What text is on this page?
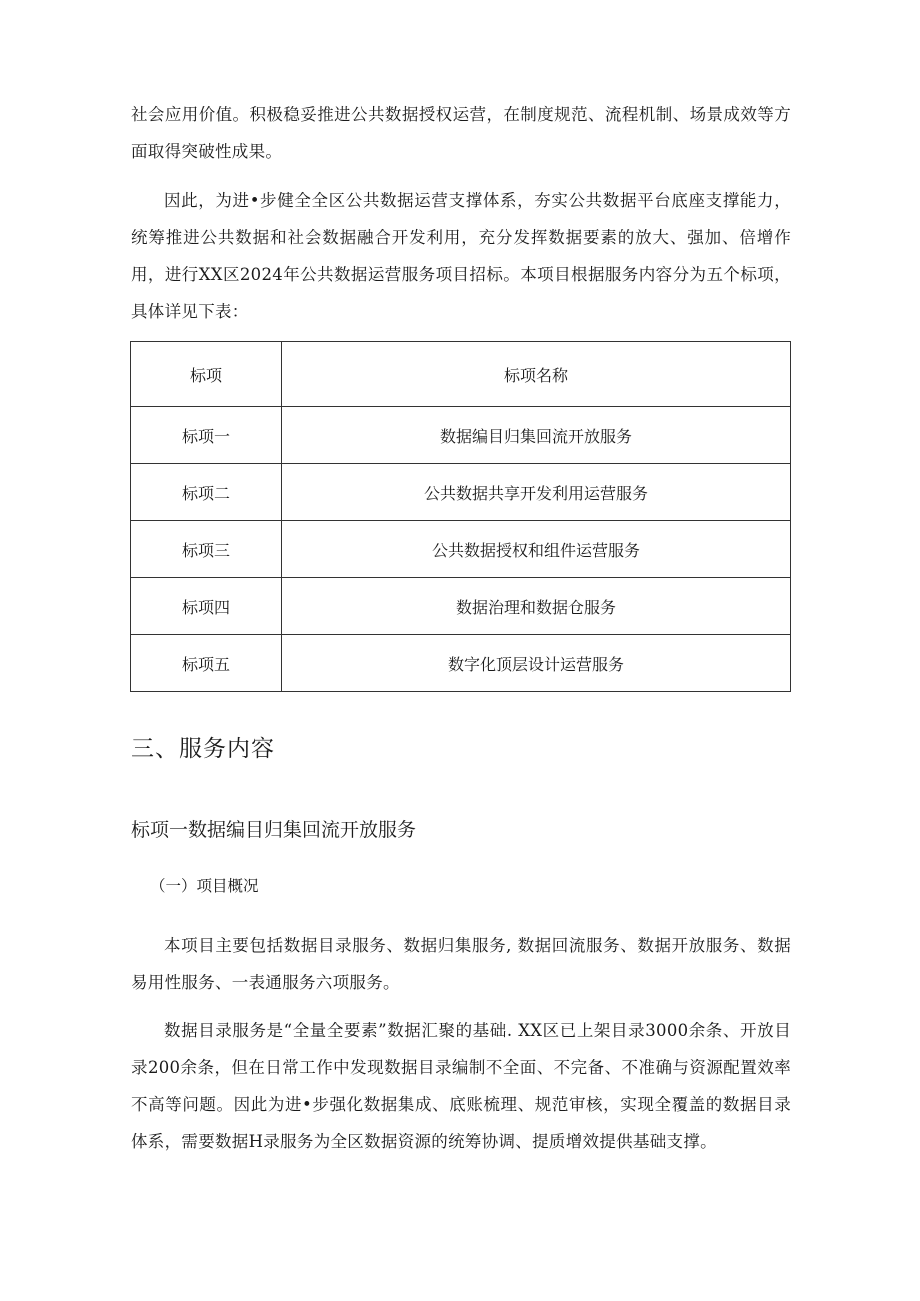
社会应用价值。积极稳妥推进公共数据授权运营，在制度规范、流程机制、场景成效等方面取得突破性成果。

因此，为进•步健全全区公共数据运营支撑体系，夯实公共数据平台底座支撑能力，统筹推进公共数据和社会数据融合开发利用，充分发挥数据要素的放大、强加、倍增作用，进行XX区2024年公共数据运营服务项目招标。本项目根据服务内容分为五个标项，具体详见下表：

标项	标项名称
标项一	数据编目归集回流开放服务
标项二	公共数据共享开发利用运营服务
标项三	公共数据授权和组件运营服务
标项四	数据治理和数据仓服务
标项五	数字化顶层设计运营服务
三、服务内容
标项一数据编目归集回流开放服务
（一）项目概况

本项目主要包括数据目录服务、数据归集服务, 数据回流服务、数据开放服务、数据易用性服务、一表通服务六项服务。

数据目录服务是“全量全要素”数据汇聚的基础. XX区已上架目录3000余条、开放目录200余条，但在日常工作中发现数据目录编制不全面、不完备、不准确与资源配置效率不高等问题。因此为进•步强化数据集成、底账梳理、规范审核，实现全覆盖的数据目录体系，需要数据H录服务为全区数据资源的统筹协调、提质增效提供基础支撑。
